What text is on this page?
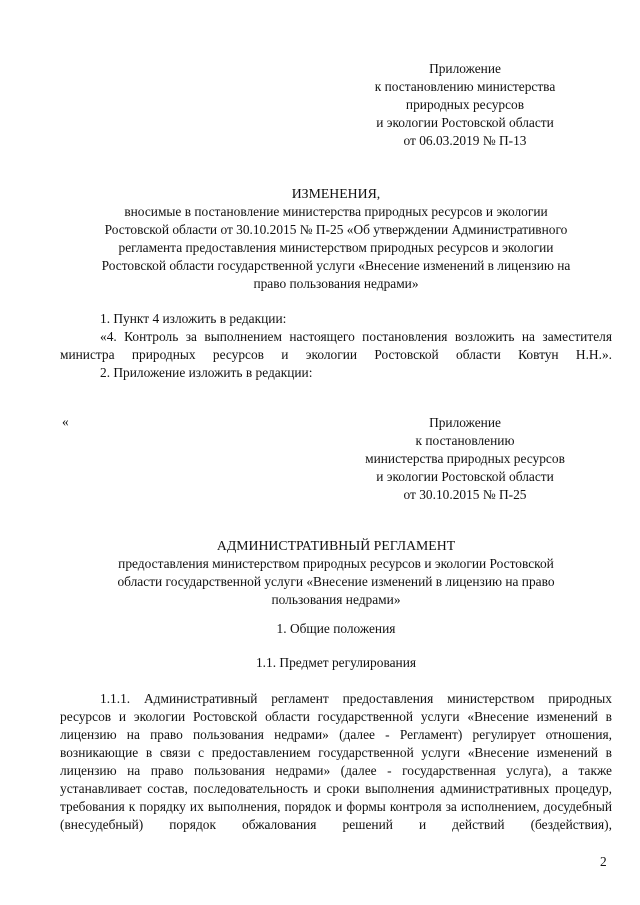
Приложение
к постановлению министерства
природных ресурсов
и экологии Ростовской области
от 06.03.2019 № П-13
ИЗМЕНЕНИЯ,
вносимые в постановление министерства природных ресурсов и экологии
Ростовской области от 30.10.2015 № П-25 «Об утверждении Административного
регламента предоставления министерством природных ресурсов и экологии
Ростовской области государственной услуги «Внесение изменений в лицензию на
право пользования недрами»

1. Пункт 4 изложить в редакции:

«4. Контроль за выполнением настоящего постановления возложить на заместителя министра природных ресурсов и экологии Ростовской области Ковтун Н.Н.».

2. Приложение изложить в редакции:

«	Приложение
к постановлению
министерства природных ресурсов
и экологии Ростовской области
от 30.10.2015 № П-25
АДМИНИСТРАТИВНЫЙ РЕГЛАМЕНТ
предоставления министерством природных ресурсов и экологии Ростовской
области государственной услуги «Внесение изменений в лицензию на право
пользования недрами»
1. Общие положения
1.1. Предмет регулирования

1.1.1. Административный регламент предоставления министерством природных ресурсов и экологии Ростовской области государственной услуги «Внесение изменений в лицензию на право пользования недрами» (далее - Регламент) регулирует отношения, возникающие в связи с предоставлением государственной услуги «Внесение изменений в лицензию на право пользования недрами» (далее - государственная услуга), а также устанавливает состав, последовательность и сроки выполнения административных процедур, требования к порядку их выполнения, порядок и формы контроля за исполнением, досудебный (внесудебный) порядок обжалования решений и действий (бездействия),

2
